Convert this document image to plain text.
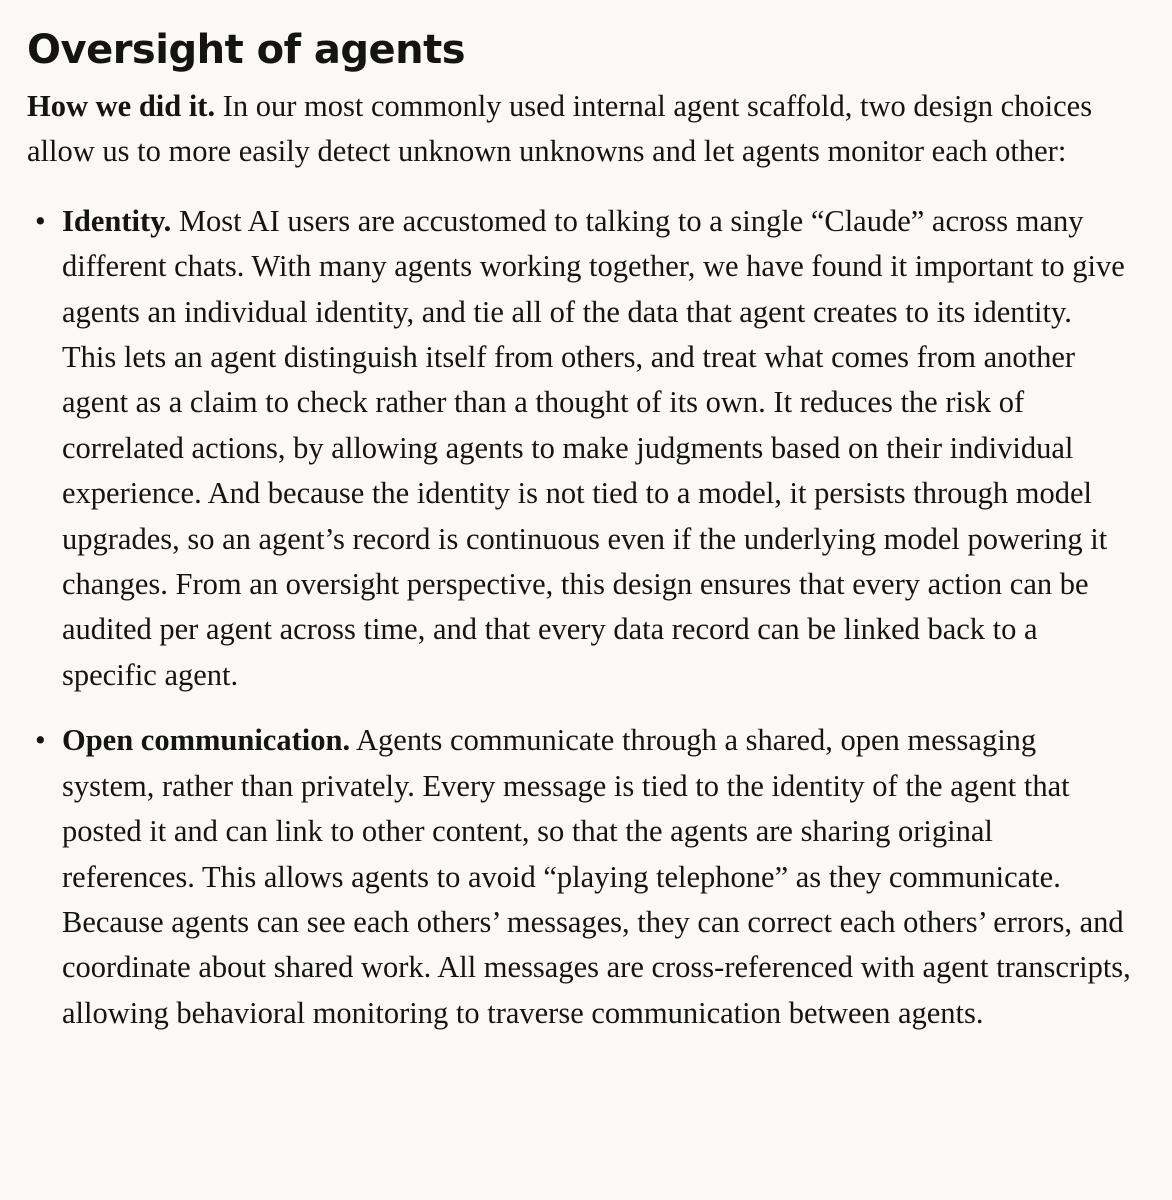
Oversight of agents

How we did it. In our most commonly used internal agent scaffold, two design choices allow us to more easily detect unknown unknowns and let agents monitor each other:

• Identity. Most AI users are accustomed to talking to a single “Claude” across many different chats. With many agents working together, we have found it important to give agents an individual identity, and tie all of the data that agent creates to its identity. This lets an agent distinguish itself from others, and treat what comes from another agent as a claim to check rather than a thought of its own. It reduces the risk of correlated actions, by allowing agents to make judgments based on their individual experience. And because the identity is not tied to a model, it persists through model upgrades, so an agent’s record is continuous even if the underlying model powering it changes. From an oversight perspective, this design ensures that every action can be audited per agent across time, and that every data record can be linked back to a specific agent.
• Open communication. Agents communicate through a shared, open messaging system, rather than privately. Every message is tied to the identity of the agent that posted it and can link to other content, so that the agents are sharing original references. This allows agents to avoid “playing telephone” as they communicate. Because agents can see each others’ messages, they can correct each others’ errors, and coordinate about shared work. All messages are cross-referenced with agent transcripts, allowing behavioral monitoring to traverse communication between agents.
